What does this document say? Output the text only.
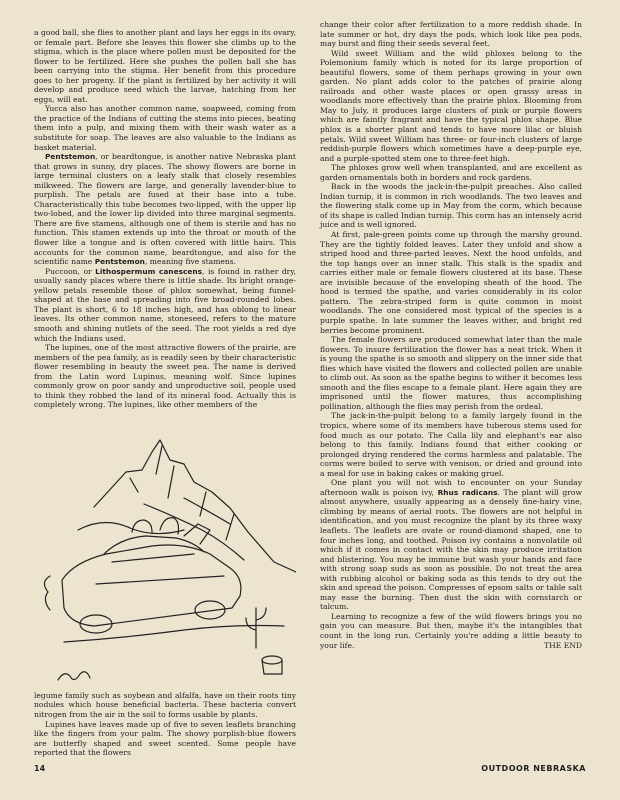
a good ball, she flies to another plant and lays her eggs in its ovary, or female part. Before she leaves this flower she climbs up to the stigma, which is the place where pollen must be deposited for the flower to be fertilized. Here she pushes the pollen ball she has been carrying into the stigma. Her benefit from this procedure goes to her progeny. If the plant is fertilized by her activity it will develop and produce seed which the larvae, hatching from her eggs, will eat.

Yucca also has another common name, soapweed, coming from the practice of the Indians of cutting the stems into pieces, beating them into a pulp, and mixing them with their wash water as a substitute for soap. The leaves are also valuable to the Indians as basket material.

Pentstemon, or beardtongue, is another native Nebraska plant that grows in sunny, dry places. The showy flowers are borne in large terminal clusters on a leafy stalk that closely resembles milkweed. The flowers are large, and generally lavender-blue to purplish. The petals are fused at their base into a tube. Characteristically this tube becomes two-lipped, with the upper lip two-lobed, and the lower lip divided into three marginal segments. There are five stamens, although one of them is sterile and has no function. This stamen extends up into the throat or mouth of the flower like a tongue and is often covered with little hairs. This accounts for the common name, beardtongue, and also for the scientific name Pentstemon, meaning five stamens.

Puccoon, or Lithospermum canescens, is found in rather dry, usually sandy places where there is little shade. Its bright orange-yellow petals resemble those of phlox somewhat, being funnel-shaped at the base and spreading into five broad-rounded lobes. The plant is short, 6 to 18 inches high, and has oblong to linear leaves. Its other common name, stoneseed, refers to the mature smooth and shining nutlets of the seed. The root yields a red dye which the Indians used.

The lupines, one of the most attractive flowers of the prairie, are members of the pea family, as is readily seen by their characteristic flower resembling in beauty the sweet pea. The name is derived from the Latin word Lupinus, meaning wolf. Since lupines commonly grow on poor sandy and unproductive soil, people used to think they robbed the land of its mineral food. Actually this is completely wrong. The lupines, like other members of the

legume family such as soybean and alfalfa, have on their roots tiny nodules which house beneficial bacteria. These bacteria convert nitrogen from the air in the soil to forms usable by plants.

Lupines have leaves made up of five to seven leaflets branching like the fingers from your palm. The showy purplish-blue flowers are butterfly shaped and sweet scented. Some people have reported that the flowers

change their color after fertilization to a more reddish shade. In late summer or hot, dry days the pods, which look like pea pods, may burst and fling their seeds several feet.

Wild sweet William and the wild phloxes belong to the Polemonium family which is noted for its large proportion of beautiful flowers, some of them perhaps growing in your own garden. No plant adds color to the patches of prairie along railroads and other waste places or open grassy areas in woodlands more effectively than the prairie phlox. Blooming from May to July, it produces large clusters of pink or purple flowers which are faintly fragrant and have the typical phlox shape. Blue phlox is a shorter plant and tends to have more lilac or bluish petals. Wild sweet William has three- or four-inch clusters of large reddish-purple flowers which sometimes have a deep-purple eye, and a purple-spotted stem one to three-feet high.

The phloxes grow well when transplanted, and are excellent as garden ornamentals both in borders and rock gardens.

Back in the woods the jack-in-the-pulpit preaches. Also called Indian turnip, it is common in rich woodlands. The two leaves and the flowering stalk come up in May from the corm, which because of its shape is called Indian turnip. This corm has an intensely acrid juice and is well ignored.

At first, pale-green points come up through the marshy ground. They are the tightly folded leaves. Later they unfold and show a striped hood and three-parted leaves. Next the hood unfolds, and the top hangs over an inner stalk. This stalk is the spadix and carries either male or female flowers clustered at its base. These are invisible because of the enveloping sheath of the hood. The hood is termed the spathe, and varies considerably in its color pattern. The zebra-striped form is quite common in moist woodlands. The one considered most typical of the species is a purple spathe. In late summer the leaves wither, and bright red berries become prominent.

The female flowers are produced somewhat later than the male flowers. To insure fertilization the flower has a neat trick. When it is young the spathe is so smooth and slippery on the inner side that flies which have visited the flowers and collected pollen are unable to climb out. As soon as the spathe begins to wither it becomes less smooth and the flies escape to a female plant. Here again they are imprisoned until the flower matures, thus accomplishing pollination, although the flies may perish from the ordeal.

The jack-in-the-pulpit belong to a family largely found in the tropics, where some of its members have tuberous stems used for food much as our potato. The Calla lily and elephant's ear also belong to this family. Indians found that either cooking or prolonged drying rendered the corms harmless and palatable. The corms were boiled to serve with venison, or dried and ground into a meal for use in baking cakes or making gruel.

One plant you will not wish to encounter on your Sunday afternoon walk is poison ivy, Rhus radicans. The plant will grow almost anywhere, usually appearing as a densely fine-hairy vine, climbing by means of aerial roots. The flowers are not helpful in identification, and you must recognize the plant by its three waxy leaflets. The leaflets are ovate or round-diamond shaped, one to four inches long, and toothed. Poison ivy contains a nonvolatile oil which if it comes in contact with the skin may produce irritation and blistering. You may be immune but wash your hands and face with strong soap suds as soon as possible. Do not treat the area with rubbing alcohol or baking soda as this tends to dry out the skin and spread the poison. Compresses of epsom salts or table salt may ease the burning. Then dust the skin with cornstarch or talcum.

Learning to recognize a few of the wild flowers brings you no gain you can measure. But then, maybe it's the intangibles that count in the long run. Certainly you're adding a little beauty to your life.	THE END

14	OUTDOOR NEBRASKA
